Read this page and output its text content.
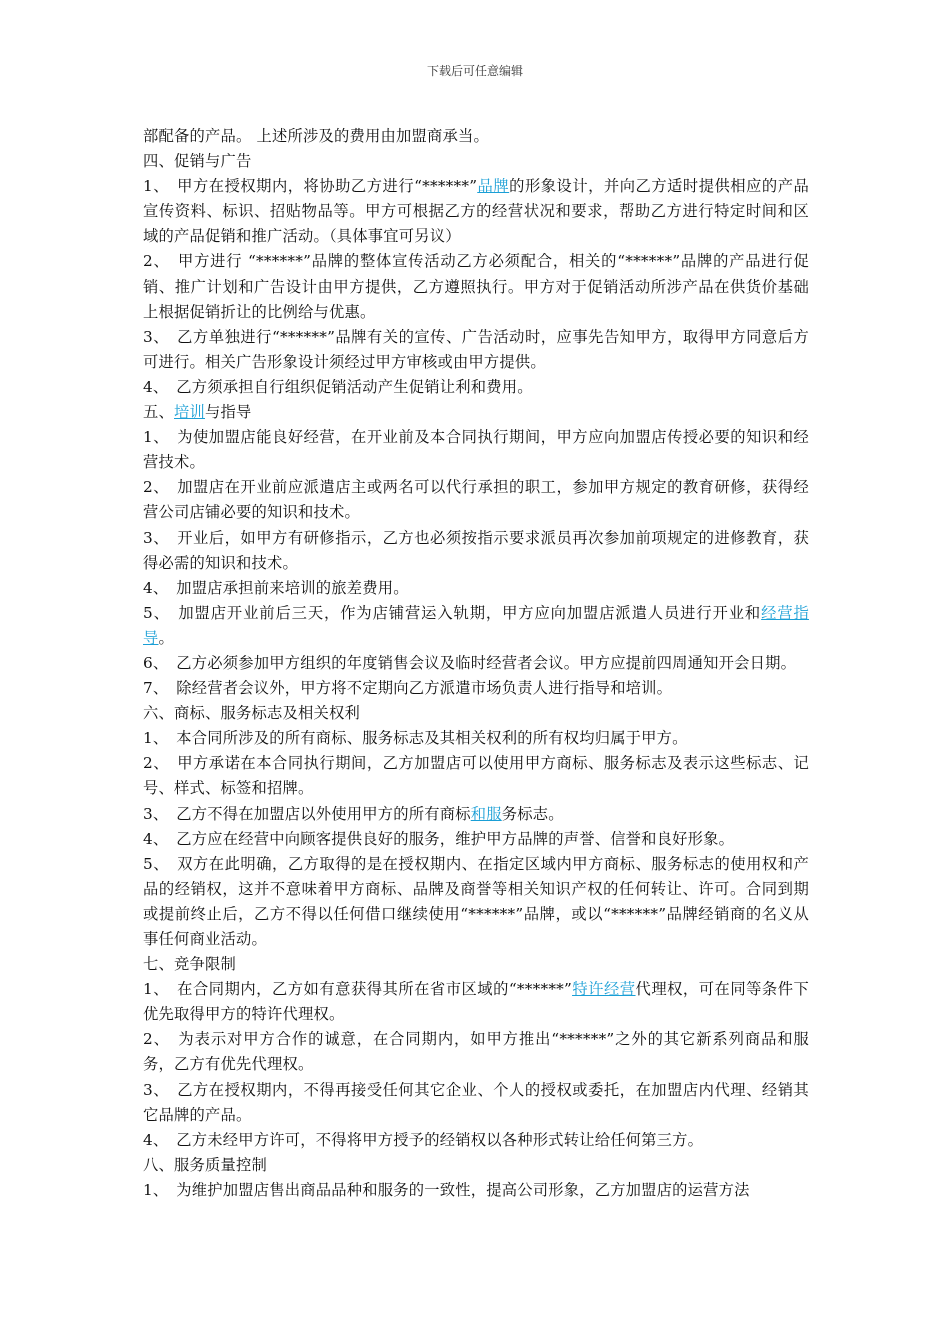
下载后可任意编辑

部配备的产品。 上述所涉及的费用由加盟商承当。

四、促销与广告

1、　甲方在授权期内，将协助乙方进行“******”品牌的形象设计，并向乙方适时提供相应的产品宣传资料、标识、招贴物品等。甲方可根据乙方的经营状况和要求，帮助乙方进行特定时间和区域的产品促销和推广活动。（具体事宜可另议）

2、　甲方进行 “******”品牌的整体宣传活动乙方必须配合，相关的“******”品牌的产品进行促销、推广计划和广告设计由甲方提供，乙方遵照执行。甲方对于促销活动所涉产品在供货价基础上根据促销折让的比例给与优惠。

3、　乙方单独进行“******”品牌有关的宣传、广告活动时，应事先告知甲方，取得甲方同意后方可进行。相关广告形象设计须经过甲方审核或由甲方提供。

4、　乙方须承担自行组织促销活动产生促销让利和费用。

五、培训与指导

1、　为使加盟店能良好经营，在开业前及本合同执行期间，甲方应向加盟店传授必要的知识和经营技术。

2、　加盟店在开业前应派遣店主或两名可以代行承担的职工，参加甲方规定的教育研修，获得经营公司店铺必要的知识和技术。

3、　开业后，如甲方有研修指示，乙方也必须按指示要求派员再次参加前项规定的进修教育，获得必需的知识和技术。

4、　加盟店承担前来培训的旅差费用。

5、　加盟店开业前后三天，作为店铺营运入轨期，甲方应向加盟店派遣人员进行开业和经营指导。

6、　乙方必须参加甲方组织的年度销售会议及临时经营者会议。甲方应提前四周通知开会日期。

7、　除经营者会议外，甲方将不定期向乙方派遣市场负责人进行指导和培训。

六、商标、服务标志及相关权利

1、　本合同所涉及的所有商标、服务标志及其相关权利的所有权均归属于甲方。

2、　甲方承诺在本合同执行期间，乙方加盟店可以使用甲方商标、服务标志及表示这些标志、记号、样式、标签和招牌。

3、　乙方不得在加盟店以外使用甲方的所有商标和服务标志。

4、　乙方应在经营中向顾客提供良好的服务，维护甲方品牌的声誉、信誉和良好形象。

5、　双方在此明确，乙方取得的是在授权期内、在指定区域内甲方商标、服务标志的使用权和产品的经销权，这并不意味着甲方商标、品牌及商誉等相关知识产权的任何转让、许可。合同到期或提前终止后，乙方不得以任何借口继续使用“******”品牌，或以“******”品牌经销商的名义从事任何商业活动。

七、竞争限制

1、　在合同期内，乙方如有意获得其所在省市区域的“******”特许经营代理权，可在同等条件下优先取得甲方的特许代理权。

2、　为表示对甲方合作的诚意，在合同期内，如甲方推出“******”之外的其它新系列商品和服务，乙方有优先代理权。

3、　乙方在授权期内，不得再接受任何其它企业、个人的授权或委托，在加盟店内代理、经销其它品牌的产品。

4、　乙方未经甲方许可，不得将甲方授予的经销权以各种形式转让给任何第三方。

八、服务质量控制

1、　为维护加盟店售出商品品种和服务的一致性，提高公司形象，乙方加盟店的运营方法
